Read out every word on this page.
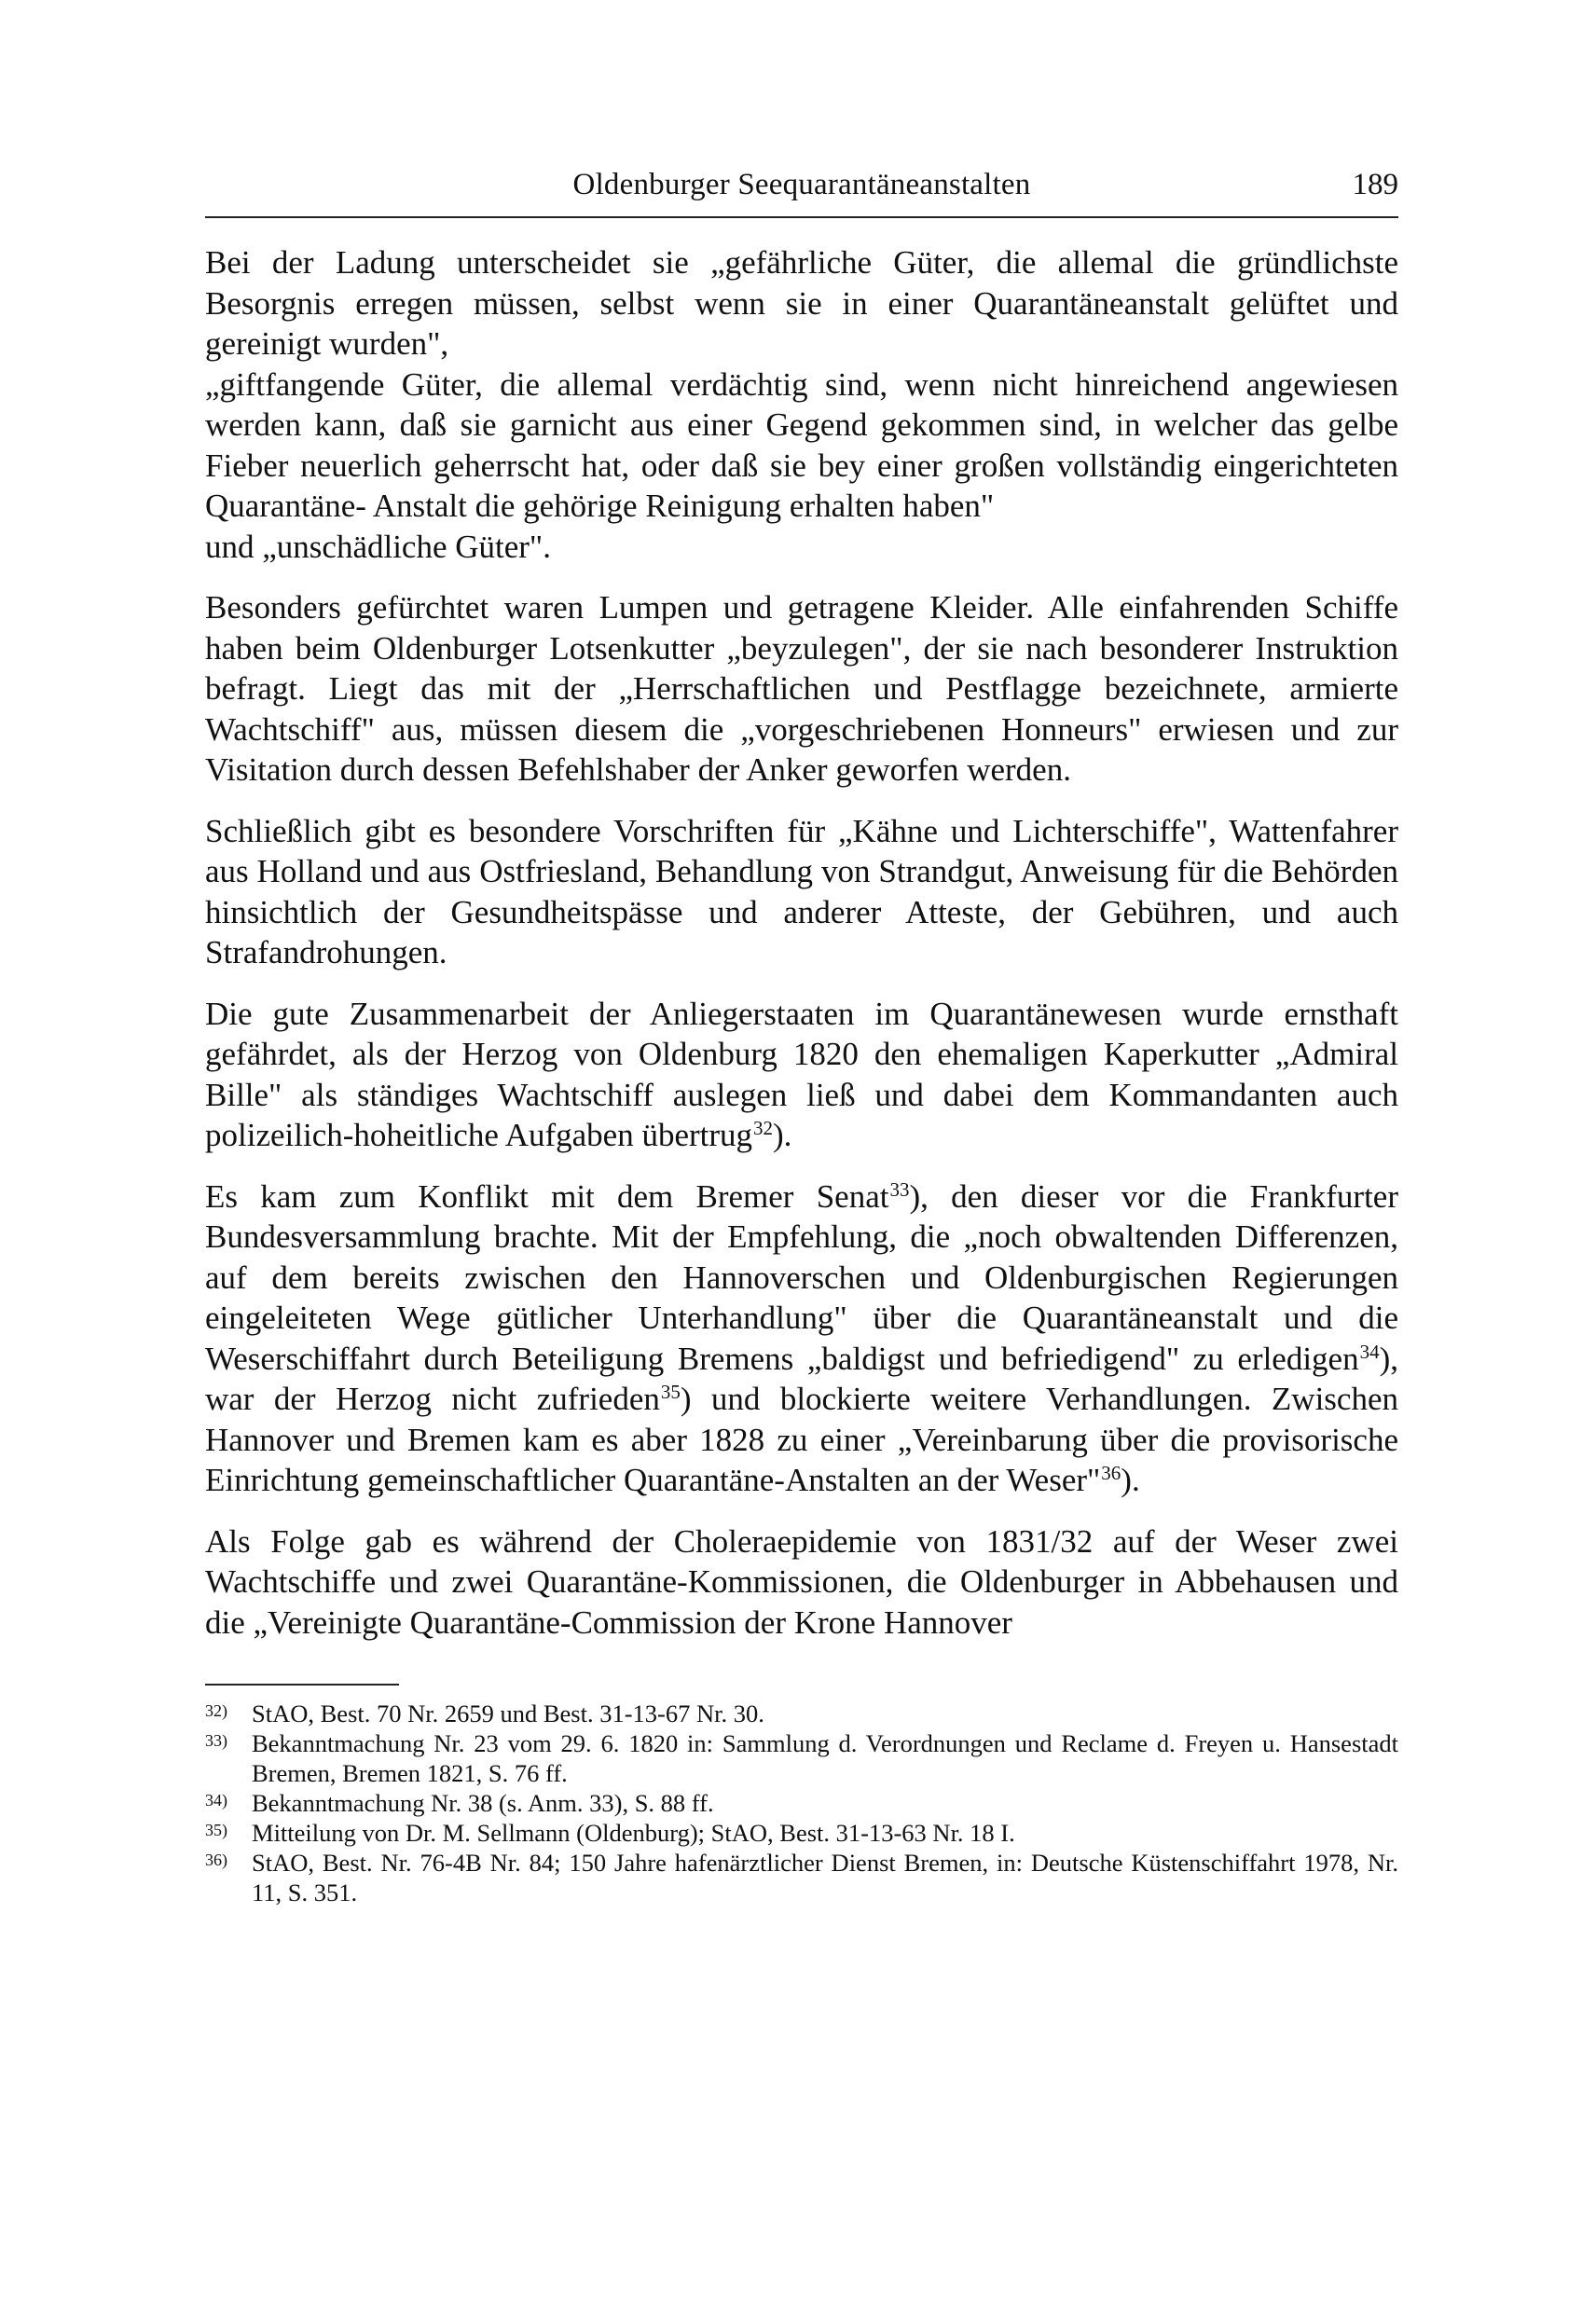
Oldenburger Seequarantäneanstalten	189

Bei der Ladung unterscheidet sie „gefährliche Güter, die allemal die gründlichste Besorgnis erregen müssen, selbst wenn sie in einer Quarantäneanstalt gelüftet und gereinigt wurden",

„giftfangende Güter, die allemal verdächtig sind, wenn nicht hinreichend angewiesen werden kann, daß sie garnicht aus einer Gegend gekommen sind, in welcher das gelbe Fieber neuerlich geherrscht hat, oder daß sie bey einer großen vollständig eingerichteten Quarantäne- Anstalt die gehörige Reinigung erhalten haben"

und „unschädliche Güter".

Besonders gefürchtet waren Lumpen und getragene Kleider. Alle einfahrenden Schiffe haben beim Oldenburger Lotsenkutter „beyzulegen", der sie nach besonderer Instruktion befragt. Liegt das mit der „Herrschaftlichen und Pestflagge bezeichnete, armierte Wachtschiff" aus, müssen diesem die „vorgeschriebenen Honneurs" erwiesen und zur Visitation durch dessen Befehlshaber der Anker geworfen werden.

Schließlich gibt es besondere Vorschriften für „Kähne und Lichterschiffe", Wattenfahrer aus Holland und aus Ostfriesland, Behandlung von Strandgut, Anweisung für die Behörden hinsichtlich der Gesundheitspässe und anderer Atteste, der Gebühren, und auch Strafandrohungen.

Die gute Zusammenarbeit der Anliegerstaaten im Quarantänewesen wurde ernsthaft gefährdet, als der Herzog von Oldenburg 1820 den ehemaligen Kaperkutter „Admiral Bille" als ständiges Wachtschiff auslegen ließ und dabei dem Kommandanten auch polizeilich-hoheitliche Aufgaben übertrug$^{32}$).

Es kam zum Konflikt mit dem Bremer Senat$^{33}$), den dieser vor die Frankfurter Bundesversammlung brachte. Mit der Empfehlung, die „noch obwaltenden Differenzen, auf dem bereits zwischen den Hannoverschen und Oldenburgischen Regierungen eingeleiteten Wege gütlicher Unterhandlung" über die Quarantäneanstalt und die Weserschiffahrt durch Beteiligung Bremens „baldigst und befriedigend" zu erledigen$^{34}$), war der Herzog nicht zufrieden$^{35}$) und blockierte weitere Verhandlungen. Zwischen Hannover und Bremen kam es aber 1828 zu einer „Vereinbarung über die provisorische Einrichtung gemeinschaftlicher Quarantäne-Anstalten an der Weser"$^{36}$).

Als Folge gab es während der Choleraepidemie von 1831/32 auf der Weser zwei Wachtschiffe und zwei Quarantäne-Kommissionen, die Oldenburger in Abbehausen und die „Vereinigte Quarantäne-Commission der Krone Hannover

32) StAO, Best. 70 Nr. 2659 und Best. 31-13-67 Nr. 30.
33) Bekanntmachung Nr. 23 vom 29. 6. 1820 in: Sammlung d. Verordnungen und Reclame d. Freyen u. Hansestadt Bremen, Bremen 1821, S. 76 ff.
34) Bekanntmachung Nr. 38 (s. Anm. 33), S. 88 ff.
35) Mitteilung von Dr. M. Sellmann (Oldenburg); StAO, Best. 31-13-63 Nr. 18 I.
36) StAO, Best. Nr. 76-4B Nr. 84; 150 Jahre hafenärztlicher Dienst Bremen, in: Deutsche Küstenschiffahrt 1978, Nr. 11, S. 351.
